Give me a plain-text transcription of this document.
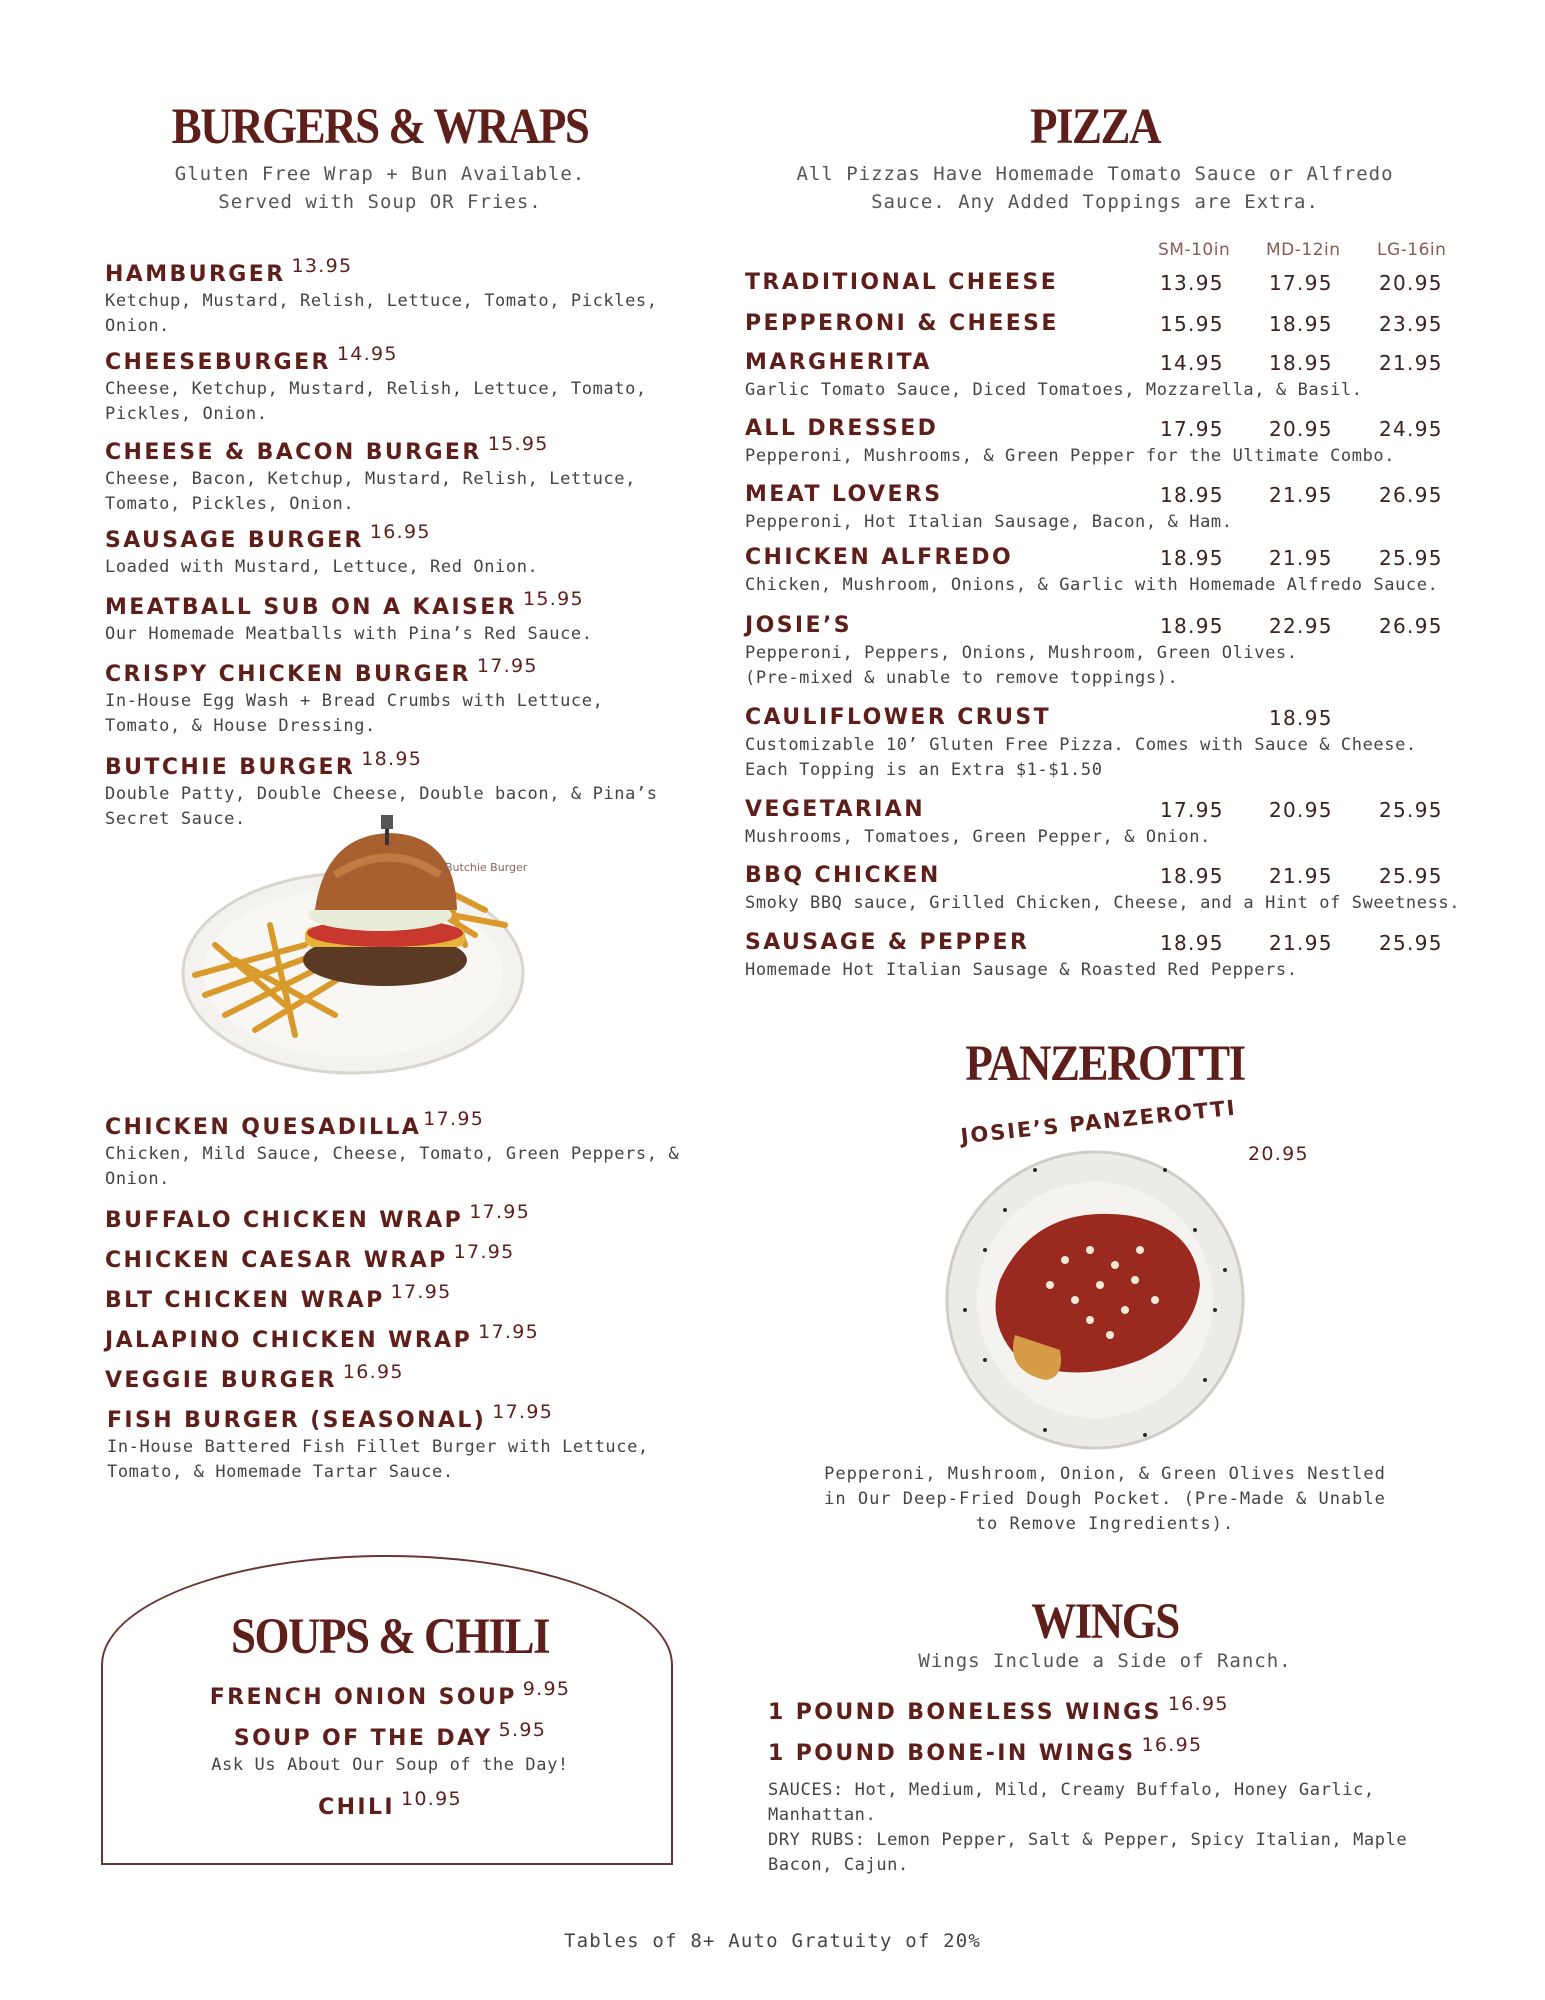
BURGERS & WRAPS
Gluten Free Wrap + Bun Available.
Served with Soup OR Fries.
HAMBURGER 13.95
Ketchup, Mustard, Relish, Lettuce, Tomato, Pickles,
Onion.
CHEESEBURGER 14.95
Cheese, Ketchup, Mustard, Relish, Lettuce, Tomato,
Pickles, Onion.
CHEESE & BACON BURGER 15.95
Cheese, Bacon, Ketchup, Mustard, Relish, Lettuce,
Tomato, Pickles, Onion.
SAUSAGE BURGER 16.95
Loaded with Mustard, Lettuce, Red Onion.
MEATBALL SUB ON A KAISER 15.95
Our Homemade Meatballs with Pina’s Red Sauce.
CRISPY CHICKEN BURGER 17.95
In-House Egg Wash + Bread Crumbs with Lettuce,
Tomato, & House Dressing.
BUTCHIE BURGER 18.95
Double Patty, Double Cheese, Double bacon, & Pina’s
Secret Sauce.
Butchie Burger
CHICKEN QUESADILLA 17.95
Chicken, Mild Sauce, Cheese, Tomato, Green Peppers, &
Onion.
BUFFALO CHICKEN WRAP 17.95
CHICKEN CAESAR WRAP 17.95
BLT CHICKEN WRAP 17.95
JALAPINO CHICKEN WRAP 17.95
VEGGIE BURGER 16.95
FISH BURGER (SEASONAL) 17.95
In-House Battered Fish Fillet Burger with Lettuce,
Tomato, & Homemade Tartar Sauce.
PIZZA
All Pizzas Have Homemade Tomato Sauce or Alfredo
Sauce. Any Added Toppings are Extra.
SM-10in MD-12in LG-16in
TRADITIONAL CHEESE	13.95 17.95 20.95
PEPPERONI & CHEESE	15.95 18.95 23.95
MARGHERITA	14.95 18.95 21.95
Garlic Tomato Sauce, Diced Tomatoes, Mozzarella, & Basil.
ALL DRESSED	17.95 20.95 24.95
Pepperoni, Mushrooms, & Green Pepper for the Ultimate Combo.
MEAT LOVERS	18.95 21.95 26.95
Pepperoni, Hot Italian Sausage, Bacon, & Ham.
CHICKEN ALFREDO	18.95 21.95 25.95
Chicken, Mushroom, Onions, & Garlic with Homemade Alfredo Sauce.
JOSIE’S	18.95 22.95 26.95
Pepperoni, Peppers, Onions, Mushroom, Green Olives.
(Pre-mixed & unable to remove toppings).
CAULIFLOWER CRUST	18.95
Customizable 10’ Gluten Free Pizza. Comes with Sauce & Cheese.
Each Topping is an Extra $1-$1.50
VEGETARIAN	17.95 20.95 25.95
Mushrooms, Tomatoes, Green Pepper, & Onion.
BBQ CHICKEN	18.95 21.95 25.95
Smoky BBQ sauce, Grilled Chicken, Cheese, and a Hint of Sweetness.
SAUSAGE & PEPPER	18.95 21.95 25.95
Homemade Hot Italian Sausage & Roasted Red Peppers.
PANZEROTTI
JOSIE’S PANZEROTTI
20.95
Pepperoni, Mushroom, Onion, & Green Olives Nestled
in Our Deep-Fried Dough Pocket. (Pre-Made & Unable
to Remove Ingredients).
SOUPS & CHILI
FRENCH ONION SOUP 9.95
SOUP OF THE DAY 5.95
Ask Us About Our Soup of the Day!
CHILI 10.95
WINGS
Wings Include a Side of Ranch.
1 POUND BONELESS WINGS 16.95
1 POUND BONE-IN WINGS 16.95
SAUCES: Hot, Medium, Mild, Creamy Buffalo, Honey Garlic,
Manhattan.
DRY RUBS: Lemon Pepper, Salt & Pepper, Spicy Italian, Maple
Bacon, Cajun.
Tables of 8+ Auto Gratuity of 20%
